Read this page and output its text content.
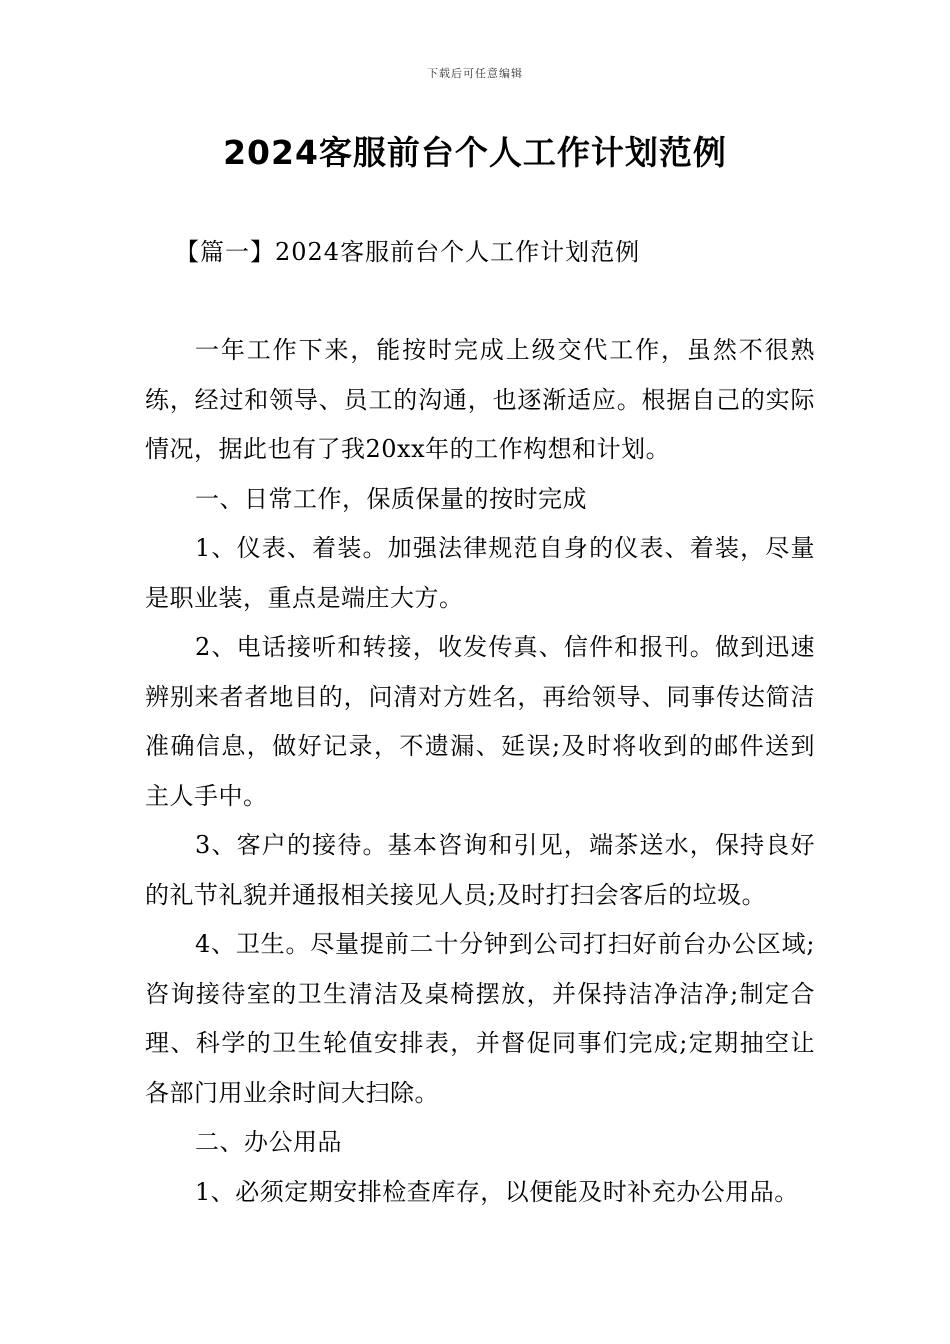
下载后可任意编辑
2024客服前台个人工作计划范例
【篇一】2024客服前台个人工作计划范例

一年工作下来，能按时完成上级交代工作，虽然不很熟练，经过和领导、员工的沟通，也逐渐适应。根据自己的实际情况，据此也有了我20xx年的工作构想和计划。

一、日常工作，保质保量的按时完成

1、仪表、着装。加强法律规范自身的仪表、着装，尽量是职业装，重点是端庄大方。

2、电话接听和转接，收发传真、信件和报刊。做到迅速辨别来者者地目的，问清对方姓名，再给领导、同事传达简洁准确信息，做好记录，不遗漏、延误;及时将收到的邮件送到主人手中。

3、客户的接待。基本咨询和引见，端茶送水，保持良好的礼节礼貌并通报相关接见人员;及时打扫会客后的垃圾。

4、卫生。尽量提前二十分钟到公司打扫好前台办公区域;咨询接待室的卫生清洁及桌椅摆放，并保持洁净洁净;制定合理、科学的卫生轮值安排表，并督促同事们完成;定期抽空让各部门用业余时间大扫除。

二、办公用品

1、必须定期安排检查库存，以便能及时补充办公用品。
